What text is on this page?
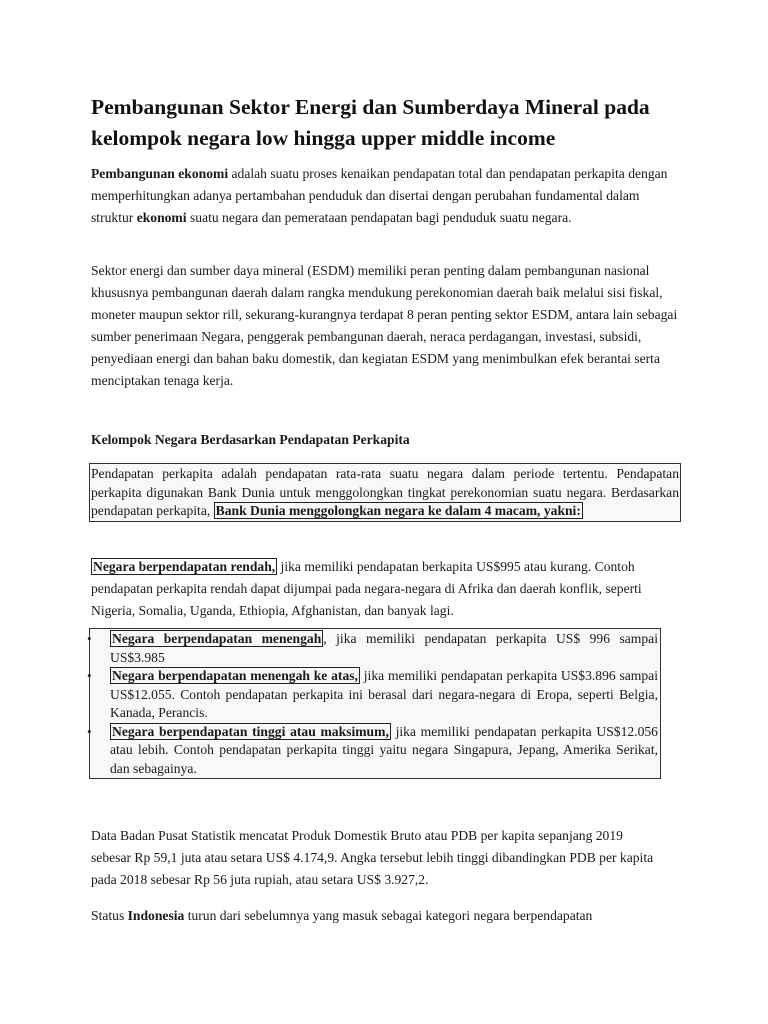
Pembangunan Sektor Energi dan Sumberdaya Mineral pada kelompok negara low hingga upper middle income

Pembangunan ekonomi adalah suatu proses kenaikan pendapatan total dan pendapatan perkapita dengan memperhitungkan adanya pertambahan penduduk dan disertai dengan perubahan fundamental dalam struktur ekonomi suatu negara dan pemerataan pendapatan bagi penduduk suatu negara.

Sektor energi dan sumber daya mineral (ESDM) memiliki peran penting dalam pembangunan nasional khususnya pembangunan daerah dalam rangka mendukung perekonomian daerah baik melalui sisi fiskal, moneter maupun sektor rill, sekurang-kurangnya terdapat 8 peran penting sektor ESDM, antara lain sebagai sumber penerimaan Negara, penggerak pembangunan daerah, neraca perdagangan, investasi, subsidi, penyediaan energi dan bahan baku domestik, dan kegiatan ESDM yang menimbulkan efek berantai serta menciptakan tenaga kerja.

Kelompok Negara Berdasarkan Pendapatan Perkapita
Pendapatan perkapita adalah pendapatan rata-rata suatu negara dalam periode tertentu. Pendapatan perkapita digunakan Bank Dunia untuk menggolongkan tingkat perekonomian suatu negara. Berdasarkan pendapatan perkapita, Bank Dunia menggolongkan negara ke dalam 4 macam, yakni:

Negara berpendapatan rendah, jika memiliki pendapatan berkapita US$995 atau kurang. Contoh pendapatan perkapita rendah dapat dijumpai pada negara-negara di Afrika dan daerah konflik, seperti Nigeria, Somalia, Uganda, Ethiopia, Afghanistan, dan banyak lagi.

• Negara berpendapatan menengah , jika memiliki pendapatan perkapita US$ 996 sampai US$3.985
• Negara berpendapatan menengah ke atas, jika memiliki pendapatan perkapita US$3.896 sampai US$12.055. Contoh pendapatan perkapita ini berasal dari negara-negara di Eropa, seperti Belgia, Kanada, Perancis.
• Negara berpendapatan tinggi atau maksimum, jika memiliki pendapatan perkapita US$12.056 atau lebih. Contoh pendapatan perkapita tinggi yaitu negara Singapura, Jepang, Amerika Serikat, dan sebagainya.

Data Badan Pusat Statistik mencatat Produk Domestik Bruto atau PDB per kapita sepanjang 2019 sebesar Rp 59,1 juta atau setara US$ 4.174,9. Angka tersebut lebih tinggi dibandingkan PDB per kapita pada 2018 sebesar Rp 56 juta rupiah, atau setara US$ 3.927,2.

Status Indonesia turun dari sebelumnya yang masuk sebagai kategori negara berpendapatan
